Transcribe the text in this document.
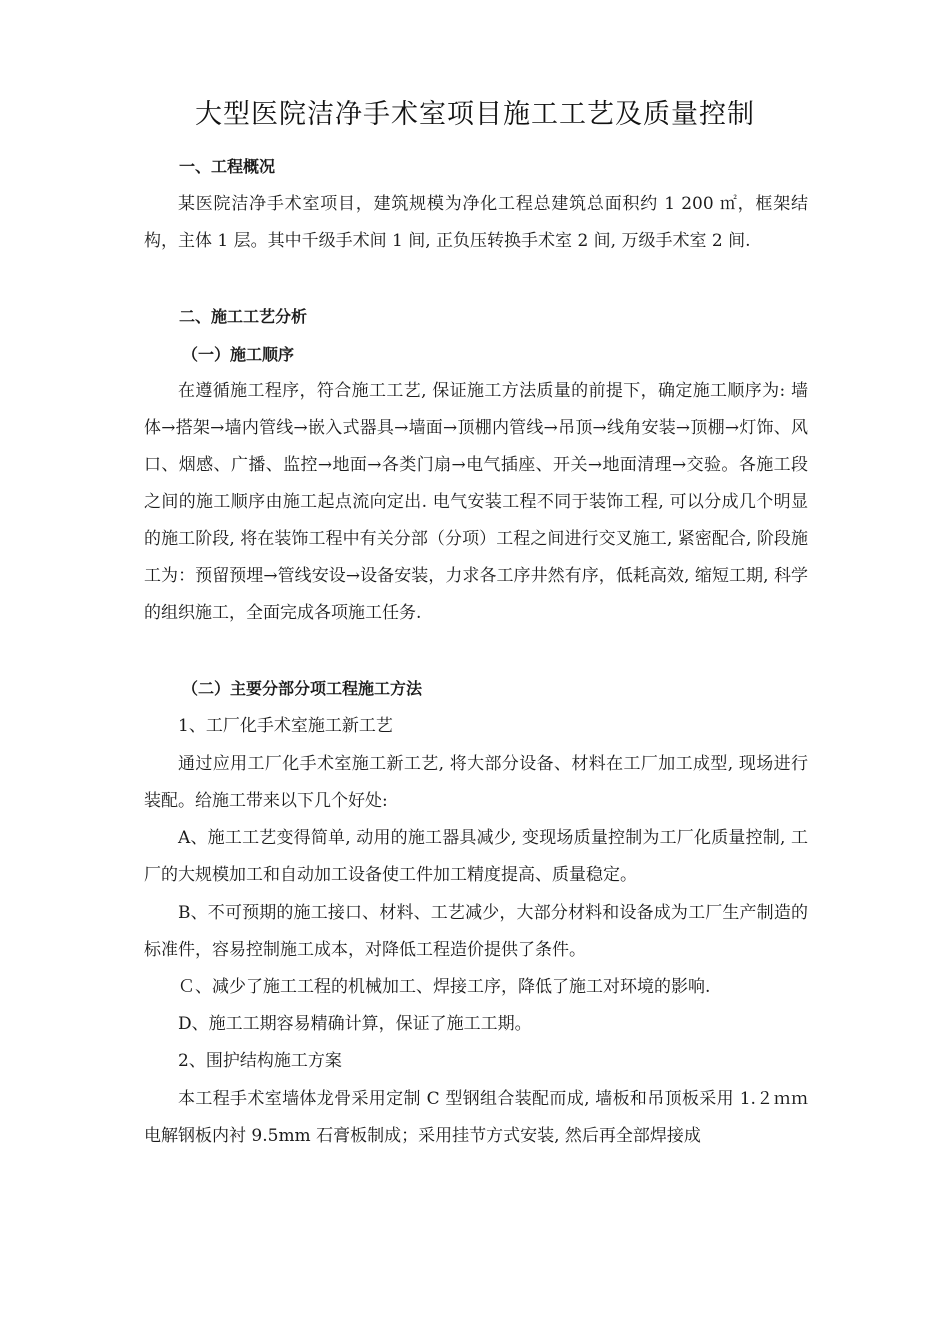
大型医院洁净手术室项目施工工艺及质量控制

一、工程概况

某医院洁净手术室项目，建筑规模为净化工程总建筑总面积约 1 200 ㎡，框架结构，主体 1 层。其中千级手术间 1 间, 正负压转换手术室 2 间, 万级手术室 2 间.

二、施工工艺分析

（一）施工顺序

在遵循施工程序，符合施工工艺, 保证施工方法质量的前提下，确定施工顺序为: 墙体→搭架→墙内管线→嵌入式器具→墙面→顶棚内管线→吊顶→线角安装→顶棚→灯饰、风口、烟感、广播、监控→地面→各类门扇→电气插座、开关→地面清理→交验。各施工段之间的施工顺序由施工起点流向定出. 电气安装工程不同于装饰工程, 可以分成几个明显的施工阶段, 将在装饰工程中有关分部（分项）工程之间进行交叉施工, 紧密配合, 阶段施工为：预留预埋→管线安设→设备安装，力求各工序井然有序，低耗高效, 缩短工期, 科学的组织施工，全面完成各项施工任务.

（二）主要分部分项工程施工方法

1、工厂化手术室施工新工艺

通过应用工厂化手术室施工新工艺, 将大部分设备、材料在工厂加工成型, 现场进行装配。给施工带来以下几个好处:

A、施工工艺变得简单, 动用的施工器具减少, 变现场质量控制为工厂化质量控制, 工厂的大规模加工和自动加工设备使工件加工精度提高、质量稳定。

B、不可预期的施工接口、材料、工艺减少，大部分材料和设备成为工厂生产制造的标准件，容易控制施工成本，对降低工程造价提供了条件。

Ｃ、减少了施工工程的机械加工、焊接工序，降低了施工对环境的影响.

D、施工工期容易精确计算，保证了施工工期。

2、围护结构施工方案

本工程手术室墙体龙骨采用定制 C 型钢组合装配而成, 墙板和吊顶板采用 1.２ｍｍ电解钢板内衬 9.5mm 石膏板制成；采用挂节方式安装, 然后再全部焊接成
